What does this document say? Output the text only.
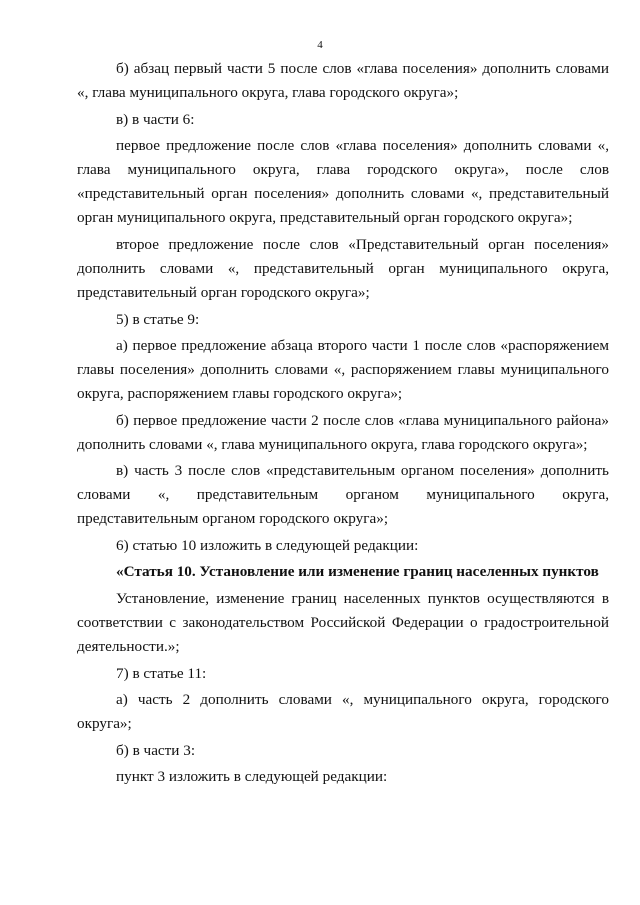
4

б) абзац первый части 5 после слов «глава поселения» дополнить словами «, глава муниципального округа, глава городского округа»;

в) в части 6:

первое предложение после слов «глава поселения» дополнить словами «, глава муниципального округа, глава городского округа», после слов «представительный орган поселения» дополнить словами «, представительный орган муниципального округа, представительный орган городского округа»;

второе предложение после слов «Представительный орган поселения» дополнить словами «, представительный орган муниципального округа, представительный орган городского округа»;

5) в статье 9:

а) первое предложение абзаца второго части 1 после слов «распоряжением главы поселения» дополнить словами «, распоряжением главы муниципального округа, распоряжением главы городского округа»;

б) первое предложение части 2 после слов «глава муниципального района» дополнить словами «, глава муниципального округа, глава городского округа»;

в) часть 3 после слов «представительным органом поселения» дополнить словами «, представительным органом муниципального округа, представительным органом городского округа»;

6) статью 10 изложить в следующей редакции:

«Статья 10. Установление или изменение границ населенных пунктов

Установление, изменение границ населенных пунктов осуществляются в соответствии с законодательством Российской Федерации о градостроительной деятельности.»;

7) в статье 11:

а) часть 2 дополнить словами «, муниципального округа, городского округа»;

б) в части 3:

пункт 3 изложить в следующей редакции:
